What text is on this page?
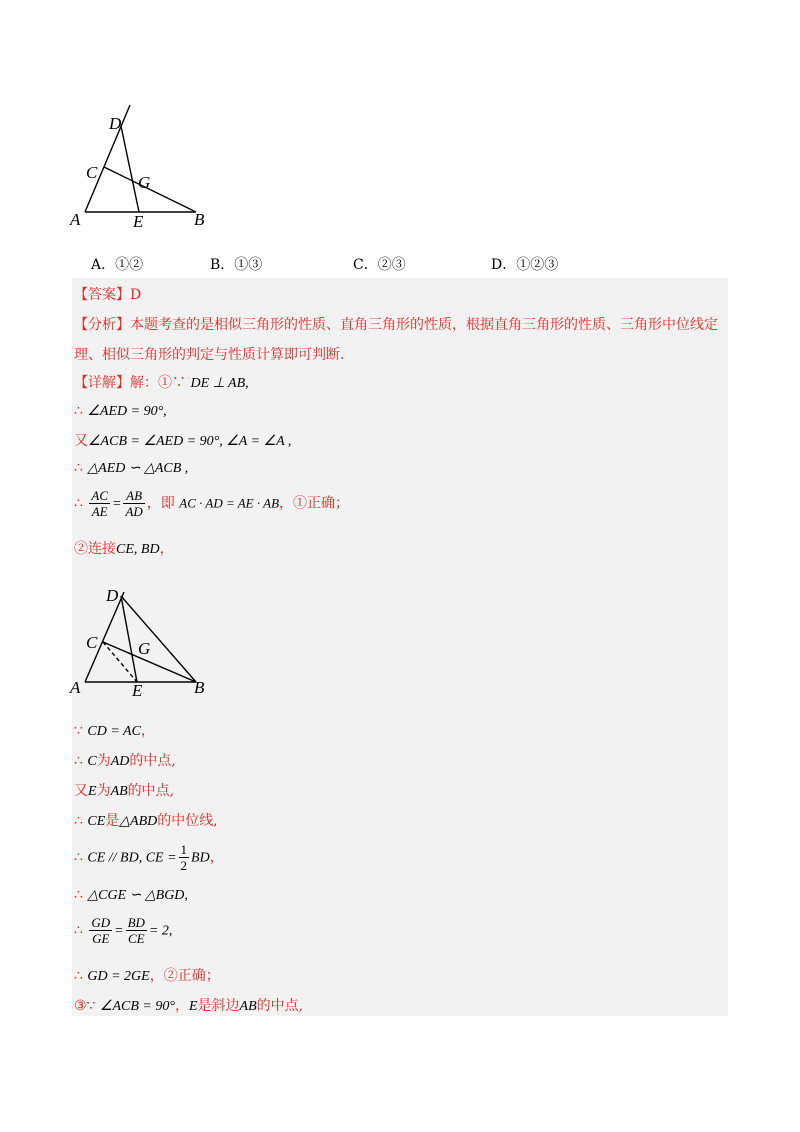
D
C
G
A	E	B
A．①②	B．①③	C．②③	D．①②③
【答案】D
【分析】本题考查的是相似三角形的性质、直角三角形的性质，根据直角三角形的性质、三角形中位线定
理、相似三角形的判定与性质计算即可判断.
【详解】解：①∵ DE ⊥ AB,
∴ ∠AED = 90°,
又∠ACB = ∠AED = 90°, ∠A = ∠A ,
∴ △AED ∽ △ACB ,
∴ $\frac{AC}{AE} = \frac{AB}{AD}$ ，即 AC · AD = AE · AB，①正确；
②连接CE, BD，
D
C G
A	E	B
∵ CD = AC，
∴ C为AD的中点,
又E为AB的中点,
∴ CE是△ABD的中位线,
∴ CE // BD, CE = $\frac{1}{2}$ BD，
∴ △CGE ∽ △BGD,
∴ $\frac{GD}{GE} = \frac{BD}{CE} = 2$,
∴ GD = 2GE，②正确；
③∵ ∠ACB = 90°，E是斜边AB的中点,
